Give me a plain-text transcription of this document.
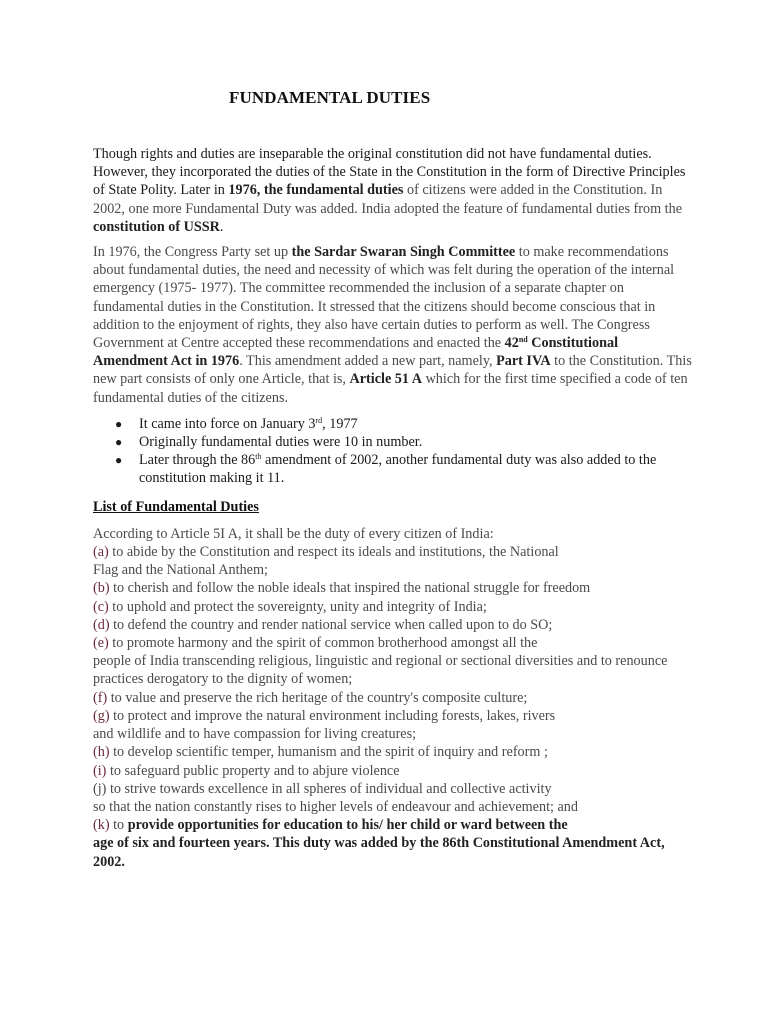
FUNDAMENTAL DUTIES

Though rights and duties are inseparable the original constitution did not have fundamental duties. However, they incorporated the duties of the State in the Constitution in the form of Directive Principles of State Polity. Later in 1976, the fundamental duties of citizens were added in the Constitution. In 2002, one more Fundamental Duty was added. India adopted the feature of fundamental duties from the constitution of USSR.

In 1976, the Congress Party set up the Sardar Swaran Singh Committee to make recommendations about fundamental duties, the need and necessity of which was felt during the operation of the internal emergency (1975- 1977). The committee recommended the inclusion of a separate chapter on fundamental duties in the Constitution. It stressed that the citizens should become conscious that in addition to the enjoyment of rights, they also have certain duties to perform as well. The Congress Government at Centre accepted these recommendations and enacted the 42nd Constitutional Amendment Act in 1976. This amendment added a new part, namely, Part IVA to the Constitution. This new part consists of only one Article, that is, Article 51 A which for the first time specified a code of ten fundamental duties of the citizens.

● It came into force on January 3rd, 1977
● Originally fundamental duties were 10 in number.
● Later through the 86th amendment of 2002, another fundamental duty was also added to the constitution making it 11.

List of Fundamental Duties

According to Article 5I A, it shall be the duty of every citizen of India:

(a) to abide by the Constitution and respect its ideals and institutions, the National

Flag and the National Anthem;

(b) to cherish and follow the noble ideals that inspired the national struggle for freedom

(c) to uphold and protect the sovereignty, unity and integrity of India;

(d) to defend the country and render national service when called upon to do SO;

(e) to promote harmony and the spirit of common brotherhood amongst all the

people of India transcending religious, linguistic and regional or sectional diversities and to renounce practices derogatory to the dignity of women;

(f) to value and preserve the rich heritage of the country's composite culture;

(g) to protect and improve the natural environment including forests, lakes, rivers

and wildlife and to have compassion for living creatures;

(h) to develop scientific temper, humanism and the spirit of inquiry and reform ;

(i) to safeguard public property and to abjure violence

(j) to strive towards excellence in all spheres of individual and collective activity

so that the nation constantly rises to higher levels of endeavour and achievement; and

(k) to provide opportunities for education to his/ her child or ward between the

age of six and fourteen years. This duty was added by the 86th Constitutional Amendment Act, 2002.
